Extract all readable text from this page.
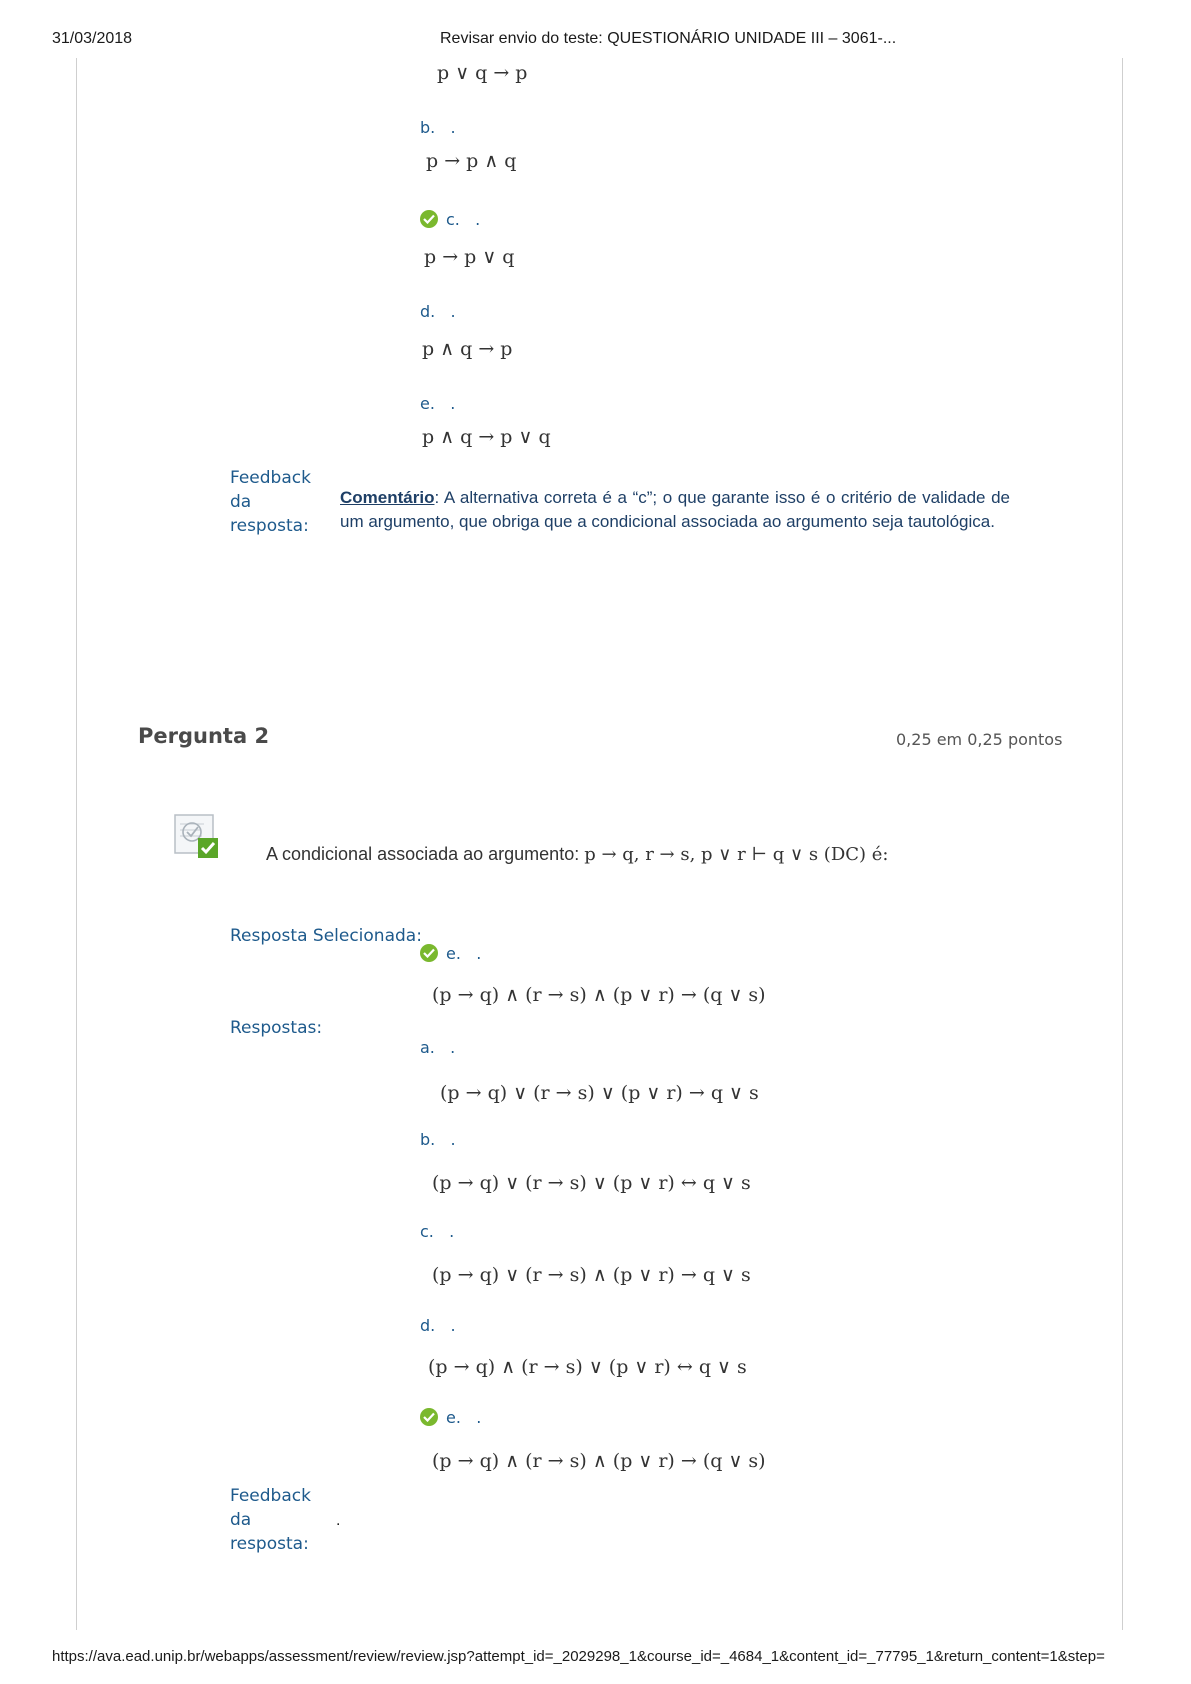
31/03/2018	Revisar envio do teste: QUESTIONÁRIO UNIDADE III – 3061-...
p ∨ q → p
b.   .
p → p ∧ q
c.   .
p → p ∨ q
d.   .
p ∧ q → p
e.   .
p ∧ q → p ∨ q
Feedback
da
resposta:
Comentário: A alternativa correta é a “c”; o que garante isso é o critério de validade de um argumento, que obriga que a condicional associada ao argumento seja tautológica.
Pergunta 2	0,25 em 0,25 pontos
A condicional associada ao argumento: p → q, r → s, p ∨ r ⊢ q ∨ s (DC) é:
Resposta Selecionada:
e.   .
(p → q) ∧ (r → s) ∧ (p ∨ r) → (q ∨ s)
Respostas:
a.   .
(p → q) ∨ (r → s) ∨ (p ∨ r) → q ∨ s
b.   .
(p → q) ∨ (r → s) ∨ (p ∨ r) ↔ q ∨ s
c.   .
(p → q) ∨ (r → s) ∧ (p ∨ r) → q ∨ s
d.   .
(p → q) ∧ (r → s) ∨ (p ∨ r) ↔ q ∨ s
e.   .
(p → q) ∧ (r → s) ∧ (p ∨ r) → (q ∨ s)
Feedback
da
resposta:
.
https://ava.ead.unip.br/webapps/assessment/review/review.jsp?attempt_id=_2029298_1&course_id=_4684_1&content_id=_77795_1&return_content=1&step=
